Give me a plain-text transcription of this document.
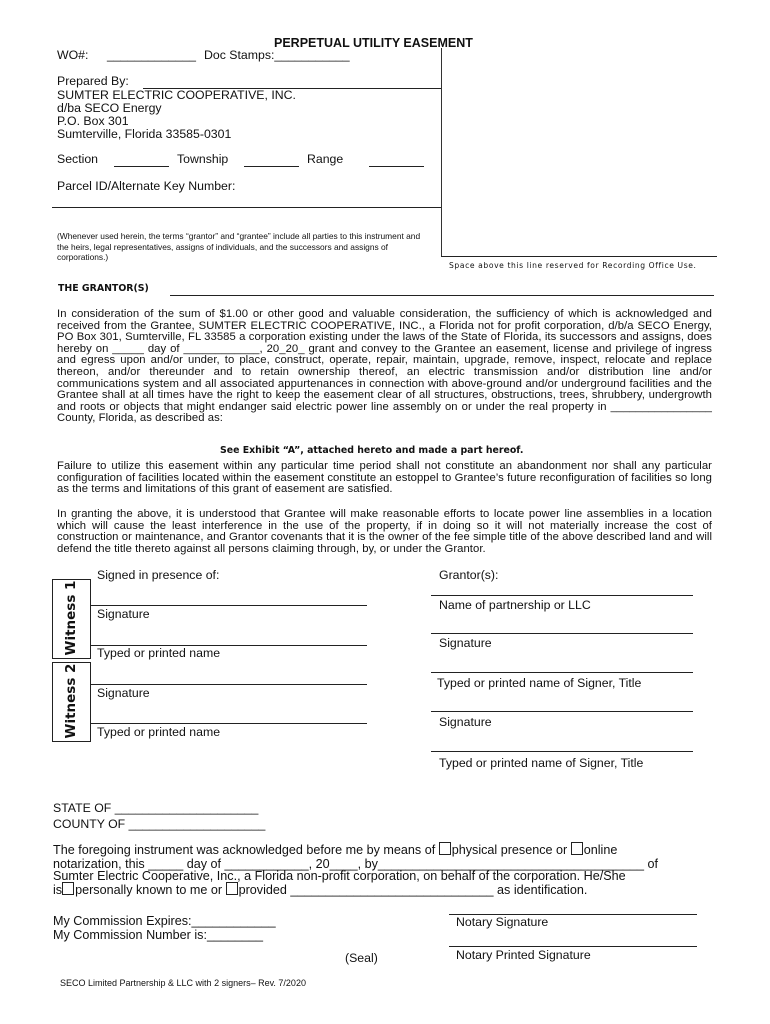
PERPETUAL UTILITY EASEMENT
WO#: _____________ Doc Stamps:___________
Prepared By:
SUMTER ELECTRIC COOPERATIVE, INC.
d/ba SECO Energy
P.O. Box 301
Sumterville, Florida 33585-0301
Section	Township	Range
Parcel ID/Alternate Key Number:
(Whenever used herein, the terms “grantor” and “grantee” include all parties to this instrument and the heirs, legal representatives, assigns of individuals, and the successors and assigns of corporations.)
Space above this line reserved for Recording Office Use.
THE GRANTOR(S)
In consideration of the sum of $1.00 or other good and valuable consideration, the sufficiency of which is acknowledged and received from the Grantee, SUMTER ELECTRIC COOPERATIVE, INC., a Florida not for profit corporation, d/b/a SECO Energy, PO Box 301, Sumterville, FL 33585 a corporation existing under the laws of the State of Florida, its successors and assigns, does hereby on _____ day of ____________, 20_20_ grant and convey to the Grantee an easement, license and privilege of ingress and egress upon and/or under, to place, construct, operate, repair, maintain, upgrade, remove, inspect, relocate and replace thereon, and/or thereunder and to retain ownership thereof, an electric transmission and/or distribution line and/or communications system and all associated appurtenances in connection with above-ground and/or underground facilities and the Grantee shall at all times have the right to keep the easement clear of all structures, obstructions, trees, shrubbery, undergrowth and roots or objects that might endanger said electric power line assembly on or under the real property in ________________ County, Florida, as described as:
See Exhibit “A”, attached hereto and made a part hereof.
Failure to utilize this easement within any particular time period shall not constitute an abandonment nor shall any particular configuration of facilities located within the easement constitute an estoppel to Grantee’s future reconfiguration of facilities so long as the terms and limitations of this grant of easement are satisfied.
In granting the above, it is understood that Grantee will make reasonable efforts to locate power line assemblies in a location which will cause the least interference in the use of the property, if in doing so it will not materially increase the cost of construction or maintenance, and Grantor covenants that it is the owner of the fee simple title of the above described land and will defend the title thereto against all persons claiming through, by, or under the Grantor.
Signed in presence of:	Grantor(s):
Witness 1
Witness 2
Signature
Typed or printed name
Signature
Typed or printed name
Name of partnership or LLC
Signature
Typed or printed name of Signer, Title
Signature
Typed or printed name of Signer, Title
STATE OF _____________________
COUNTY OF ____________________
The foregoing instrument was acknowledged before me by means of physical presence or online
notarization, this _____ day of ____________, 20____, by______________________________________ of
Sumter Electric Cooperative, Inc., a Florida non-profit corporation, on behalf of the corporation. He/She
is personally known to me or provided _____________________________ as identification.
My Commission Expires:____________
My Commission Number is:________
Notary Signature
Notary Printed Signature
(Seal)
SECO Limited Partnership & LLC with 2 signers– Rev. 7/2020
